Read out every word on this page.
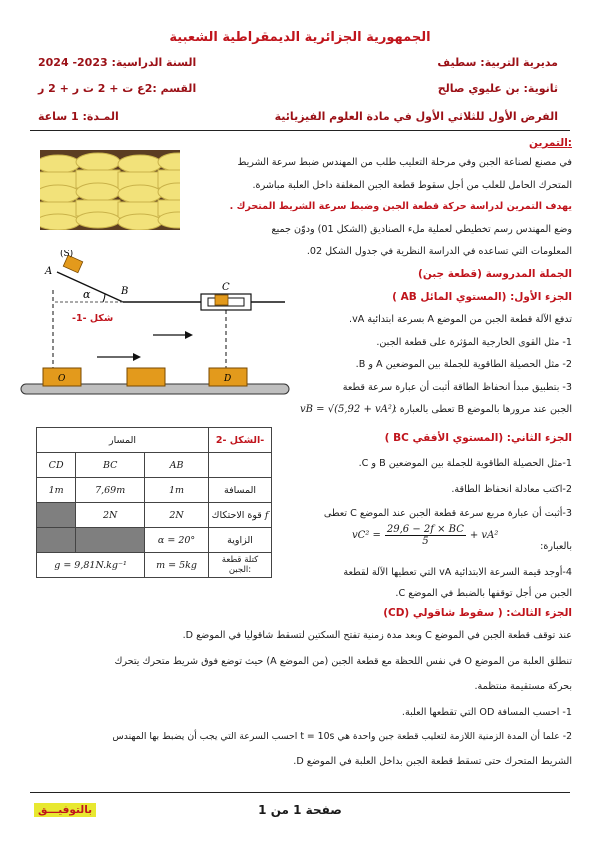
الجمهورية الجزائرية الديمقراطية الشعبية
مديرية التربية: سطيف
السنة الدراسية: 2023- 2024
ثانوية: بن عليوي صالح
القسم :2ع ت + 2 ت ر + 2 ر
الفرض الأول للثلاثي الأول في مادة العلوم الفيزيائية
المـدة: 1 ساعة
التمرين:
في مصنع لصناعة الجبن وفي مرحلة التعليب طلب من المهندس ضبط سرعة الشريط
المتحرك الحامل للعلب من أجل سقوط قطعة الجبن المغلفة داخل العلبة مباشرة.
يهدف التمرين لدراسة حركة قطعة الجبن وضبط سرعة الشريط المتحرك .
وضع المهندس رسم تخطيطي لعملية ملء الصناديق (الشكل 01) ودوّن جميع
المعلومات التي تساعده في الدراسة النظرية في جدول الشكل 02.
الجملة المدروسة (قطعة جبن)
(S)
A
α	B	C
O	D
شكل -1-
الجزء الأول: (المستوي المائل AB )
تدفع الآلة قطعة الجبن من الموضع A بسرعة ابتدائية vA.
1- مثل القوى الخارجية المؤثرة على قطعة الجبن.
2- مثل الحصيلة الطاقوية للجملة بين الموضعين A و B.
3- بتطبيق مبدأ انحفاظ الطاقة أثبت أن عبارة سرعة قطعة
الجبن عند مرورها بالموضع B تعطى بالعبارة :
vB = √(5,92 + vA²)
المسار			الشكل -2-
CD	BC	AB	
1m	7,69m	1m	المسافة
	2N	2N	قوة الاحتكاك f
		α = 20°	الزاوية
g = 9,81N.kg⁻¹		m = 5kg	كتلة قطعة الجبن:
الجزء الثاني: (المستوي الأفقي BC )
1-مثل الحصيلة الطاقوية للجملة بين الموضعين B و C.
2-اكتب معادلة انحفاظ الطاقة.
3-أثبت أن عبارة مربع سرعة قطعة الجبن عند الموضع C تعطى
بالعبارة:
$vC^2 = \frac{29,6 - 2f \times BC}{5} + vA^2$
4-أوجد قيمة السرعة الابتدائية vA التي تعطيها الآلة لقطعة
الجبن من أجل توقفها بالضبط في الموضع C.
الجزء الثالث: ( سقوط شاقولي (CD)
عند توقف قطعة الجبن في الموضع C وبعد مدة زمنية تفتح السكتين لتسقط شاقوليا في الموضع D.
تنطلق العلبة من الموضع O في نفس اللحظة مع قطعة الجبن (من الموضع A) حيث توضع فوق شريط متحرك يتحرك
بحركة مستقيمة منتظمة.
1- احسب المسافة OD التي تقطعها العلبة.
2- علما أن المدة الزمنية اللازمة لتعليب قطعة جبن واحدة هي t = 10s احسب السرعة التي يجب أن يضبط بها المهندس
الشريط المتحرك حتى تسقط قطعة الجبن بداخل العلبة في الموضع D.
صفحة 1 من 1
بالتوفيـــق
